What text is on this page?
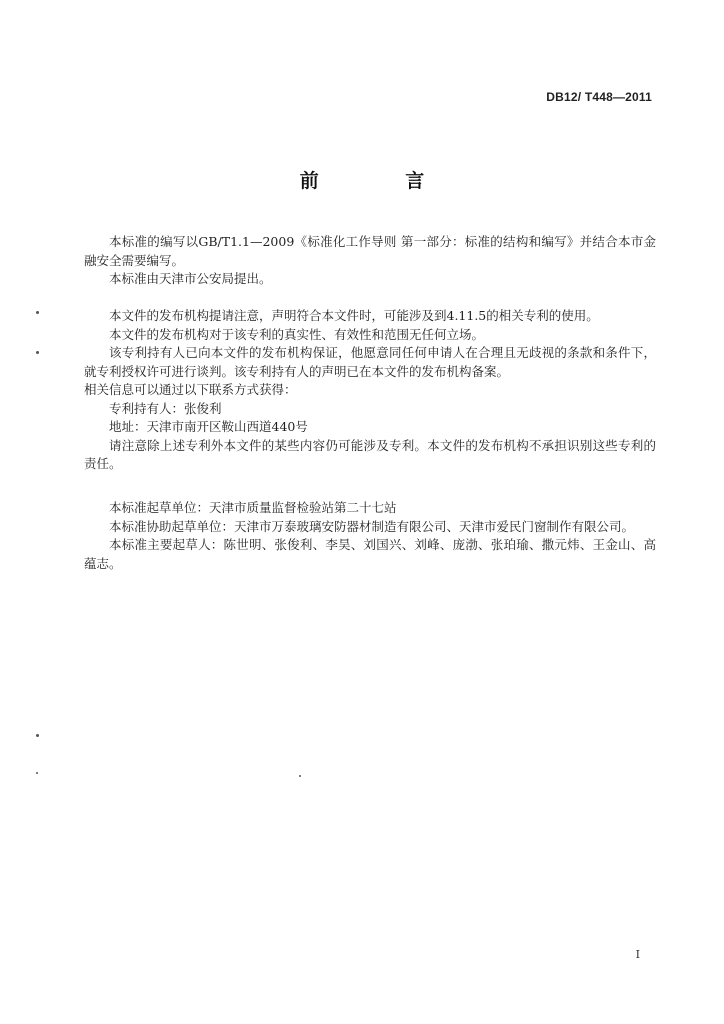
DB12/ T448—2011
前 言

本标准的编写以GB/T1.1—2009《标准化工作导则 第一部分：标准的结构和编写》并结合本市金融安全需要编写。

本标准由天津市公安局提出。

本文件的发布机构提请注意，声明符合本文件时，可能涉及到4.11.5的相关专利的使用。

本文件的发布机构对于该专利的真实性、有效性和范围无任何立场。

该专利持有人已向本文件的发布机构保证，他愿意同任何申请人在合理且无歧视的条款和条件下，就专利授权许可进行谈判。该专利持有人的声明已在本文件的发布机构备案。

相关信息可以通过以下联系方式获得：

专利持有人：张俊利

地址：天津市南开区鞍山西道440号

请注意除上述专利外本文件的某些内容仍可能涉及专利。本文件的发布机构不承担识别这些专利的责任。

本标准起草单位：天津市质量监督检验站第二十七站

本标准协助起草单位：天津市万泰玻璃安防器材制造有限公司、天津市爱民门窗制作有限公司。

本标准主要起草人：陈世明、张俊利、李昊、刘国兴、刘峰、庞渤、张珀瑜、撒元炜、王金山、高蕴志。

I
